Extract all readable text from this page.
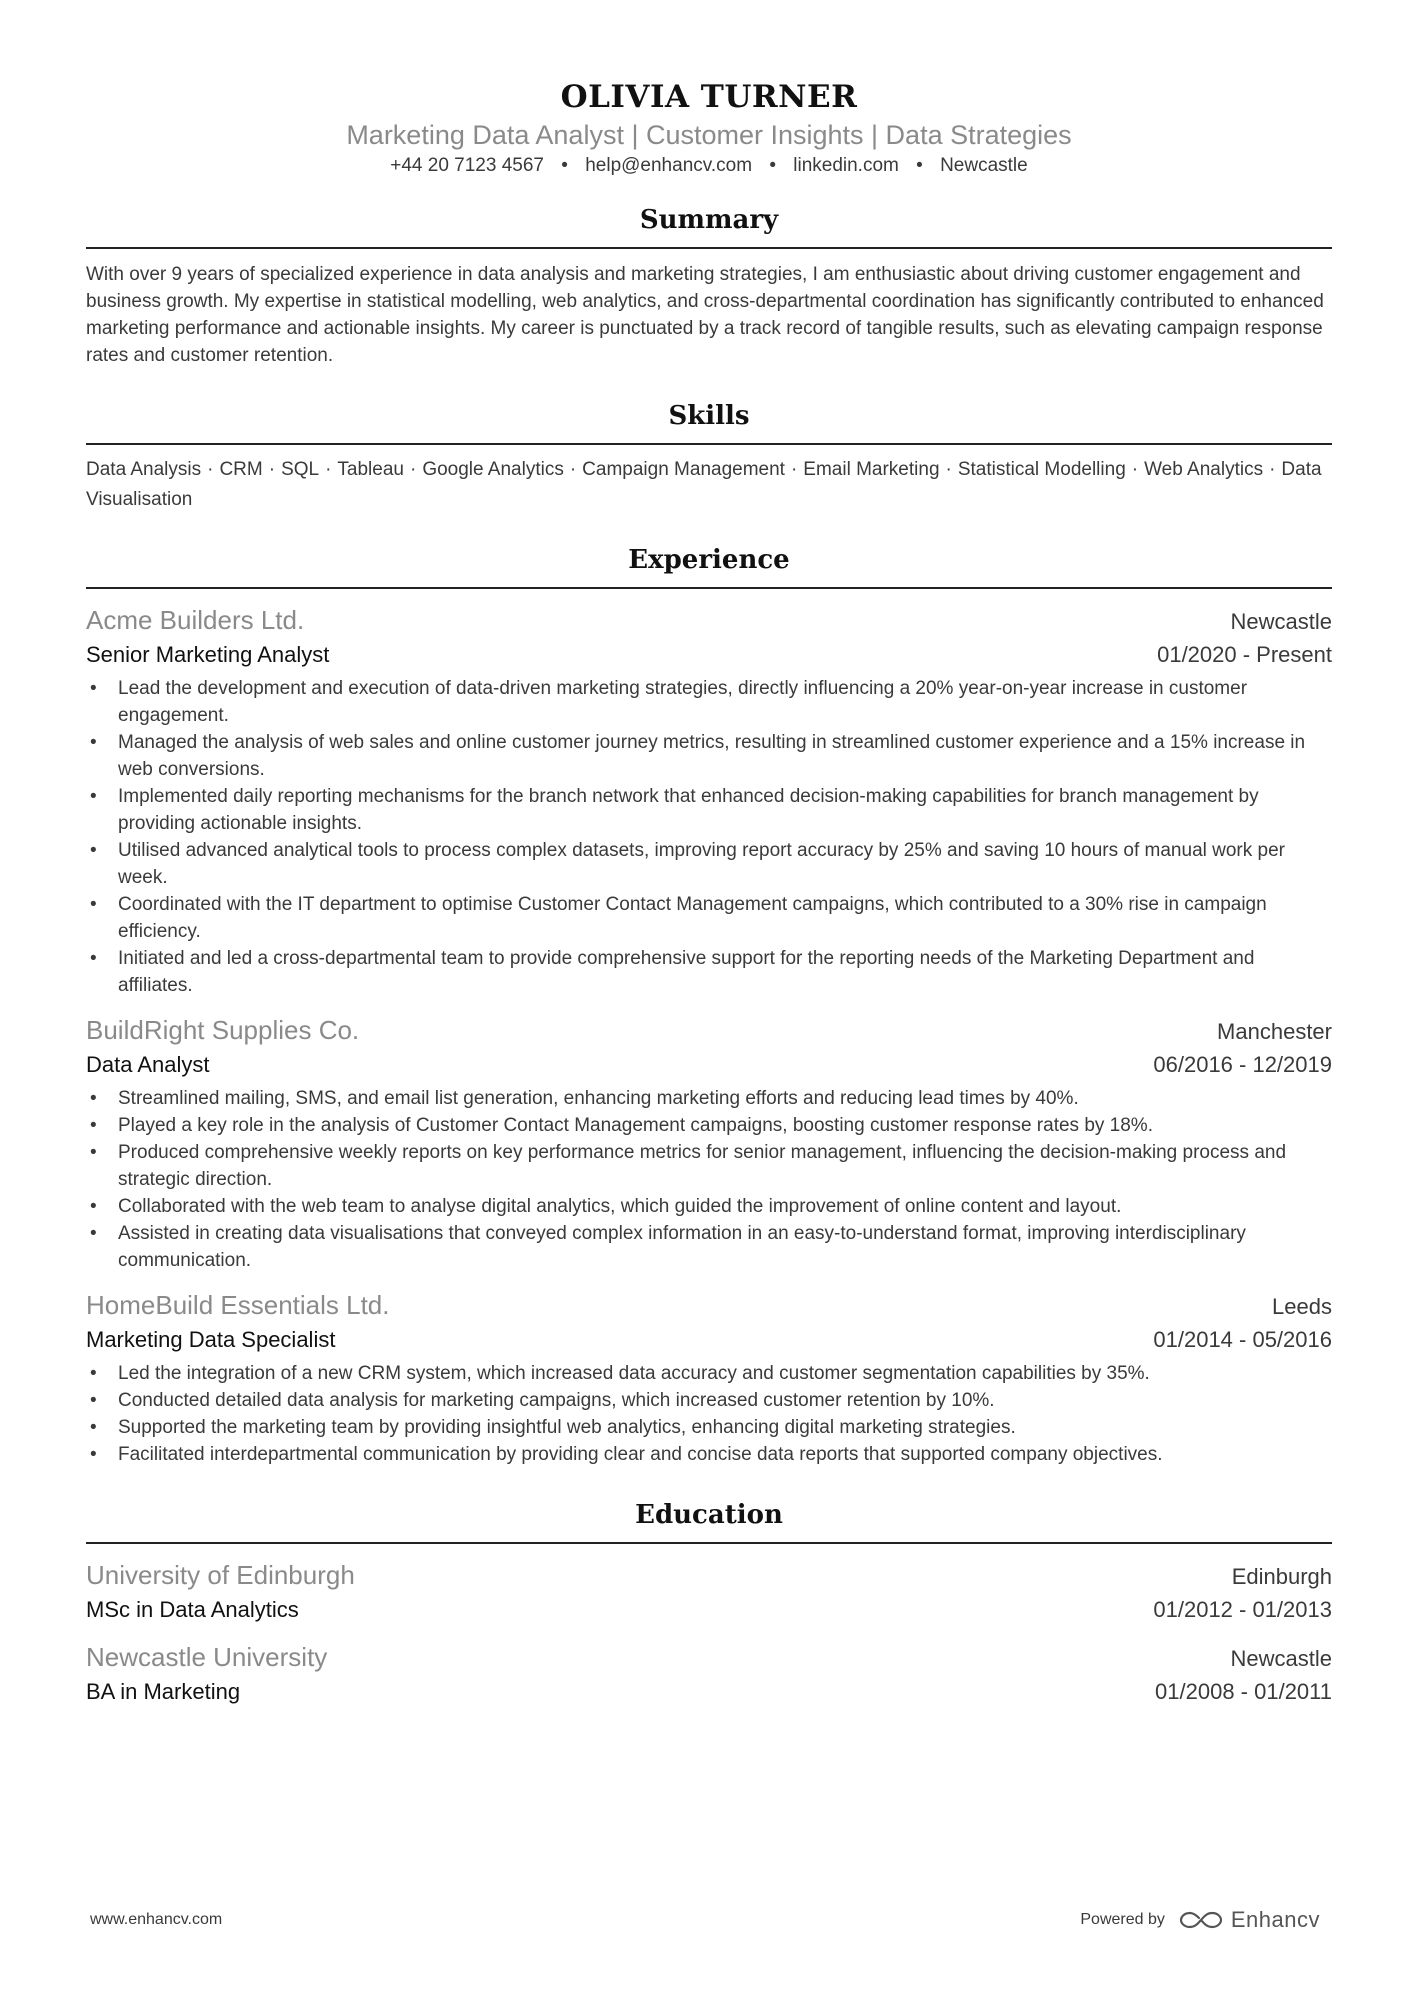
OLIVIA TURNER
Marketing Data Analyst | Customer Insights | Data Strategies
+44 20 7123 4567 • help@enhancv.com • linkedin.com • Newcastle
Summary
With over 9 years of specialized experience in data analysis and marketing strategies, I am enthusiastic about driving customer engagement and business growth. My expertise in statistical modelling, web analytics, and cross-departmental coordination has significantly contributed to enhanced marketing performance and actionable insights. My career is punctuated by a track record of tangible results, such as elevating campaign response rates and customer retention.
Skills
Data Analysis · CRM · SQL · Tableau · Google Analytics · Campaign Management · Email Marketing · Statistical Modelling · Web Analytics · Data Visualisation
Experience
Acme Builders Ltd.	Newcastle
Senior Marketing Analyst	01/2020 - Present
• Lead the development and execution of data-driven marketing strategies, directly influencing a 20% year-on-year increase in customer engagement.
• Managed the analysis of web sales and online customer journey metrics, resulting in streamlined customer experience and a 15% increase in web conversions.
• Implemented daily reporting mechanisms for the branch network that enhanced decision-making capabilities for branch management by providing actionable insights.
• Utilised advanced analytical tools to process complex datasets, improving report accuracy by 25% and saving 10 hours of manual work per week.
• Coordinated with the IT department to optimise Customer Contact Management campaigns, which contributed to a 30% rise in campaign efficiency.
• Initiated and led a cross-departmental team to provide comprehensive support for the reporting needs of the Marketing Department and affiliates.
BuildRight Supplies Co.	Manchester
Data Analyst	06/2016 - 12/2019
• Streamlined mailing, SMS, and email list generation, enhancing marketing efforts and reducing lead times by 40%.
• Played a key role in the analysis of Customer Contact Management campaigns, boosting customer response rates by 18%.
• Produced comprehensive weekly reports on key performance metrics for senior management, influencing the decision-making process and strategic direction.
• Collaborated with the web team to analyse digital analytics, which guided the improvement of online content and layout.
• Assisted in creating data visualisations that conveyed complex information in an easy-to-understand format, improving interdisciplinary communication.
HomeBuild Essentials Ltd.	Leeds
Marketing Data Specialist	01/2014 - 05/2016
• Led the integration of a new CRM system, which increased data accuracy and customer segmentation capabilities by 35%.
• Conducted detailed data analysis for marketing campaigns, which increased customer retention by 10%.
• Supported the marketing team by providing insightful web analytics, enhancing digital marketing strategies.
• Facilitated interdepartmental communication by providing clear and concise data reports that supported company objectives.
Education
University of Edinburgh	Edinburgh
MSc in Data Analytics	01/2012 - 01/2013
Newcastle University	Newcastle
BA in Marketing	01/2008 - 01/2011
www.enhancv.com	Powered by	Enhancv
